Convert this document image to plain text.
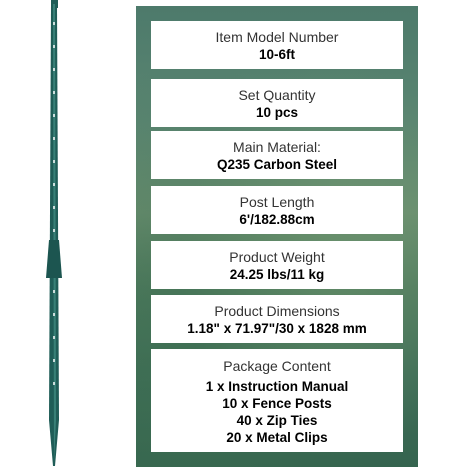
Item Model Number
10-6ft
Set Quantity
10 pcs
Main Material:
Q235 Carbon Steel
Post Length
6'/182.88cm
Product Weight
24.25 lbs/11 kg
Product Dimensions
1.18" x 71.97"/30 x 1828 mm
Package Content
1 x Instruction Manual
10 x Fence Posts
40 x Zip Ties
20 x Metal Clips
